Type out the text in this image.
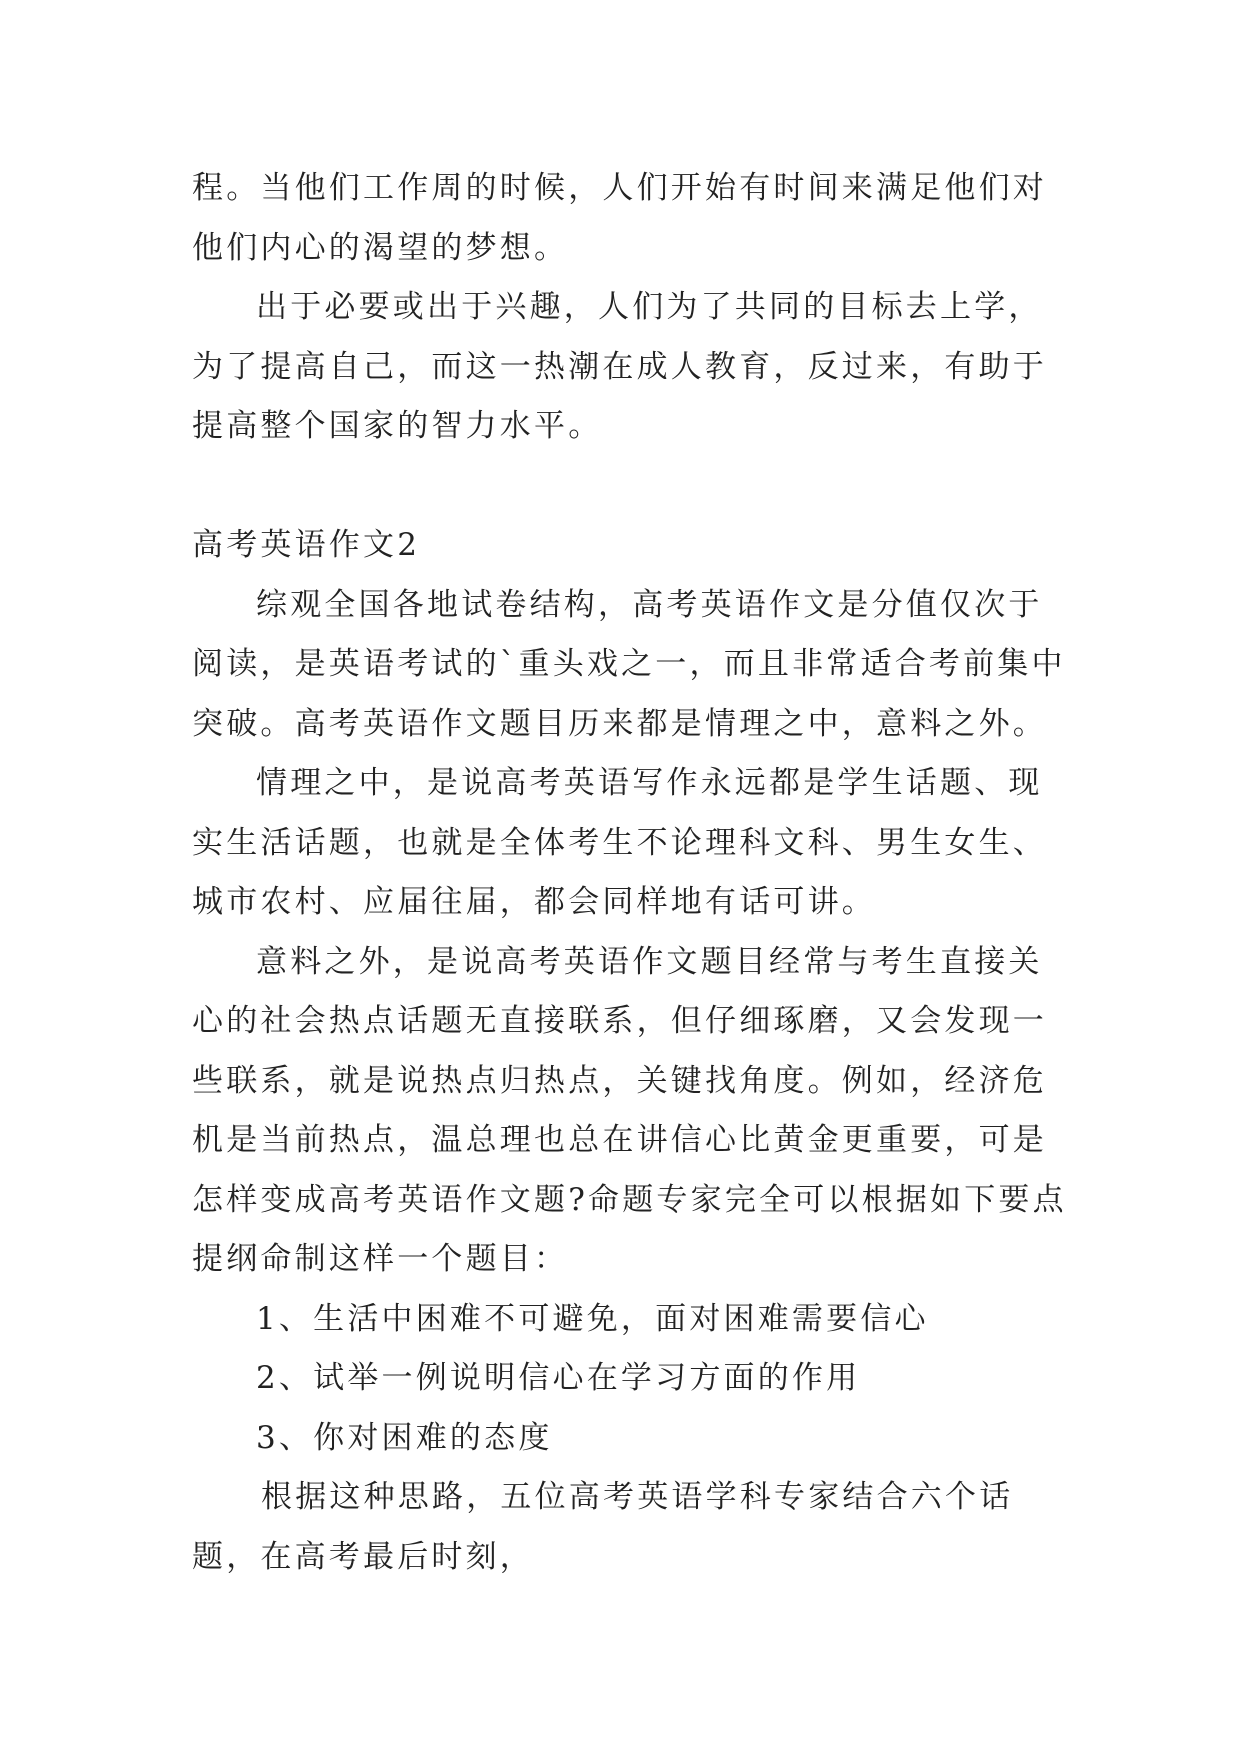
程。当他们工作周的时候，人们开始有时间来满足他们对他们内心的渴望的梦想。

出于必要或出于兴趣，人们为了共同的目标去上学，为了提高自己，而这一热潮在成人教育，反过来，有助于提高整个国家的智力水平。

高考英语作文2

综观全国各地试卷结构，高考英语作文是分值仅次于阅读，是英语考试的`重头戏之一，而且非常适合考前集中突破。高考英语作文题目历来都是情理之中，意料之外。

情理之中，是说高考英语写作永远都是学生话题、现实生活话题，也就是全体考生不论理科文科、男生女生、城市农村、应届往届，都会同样地有话可讲。

意料之外，是说高考英语作文题目经常与考生直接关心的社会热点话题无直接联系，但仔细琢磨，又会发现一些联系，就是说热点归热点，关键找角度。例如，经济危机是当前热点，温总理也总在讲信心比黄金更重要，可是怎样变成高考英语作文题?命题专家完全可以根据如下要点提纲命制这样一个题目：

1、生活中困难不可避免，面对困难需要信心

2、试举一例说明信心在学习方面的作用

3、你对困难的态度

根据这种思路，五位高考英语学科专家结合六个话题，在高考最后时刻，
